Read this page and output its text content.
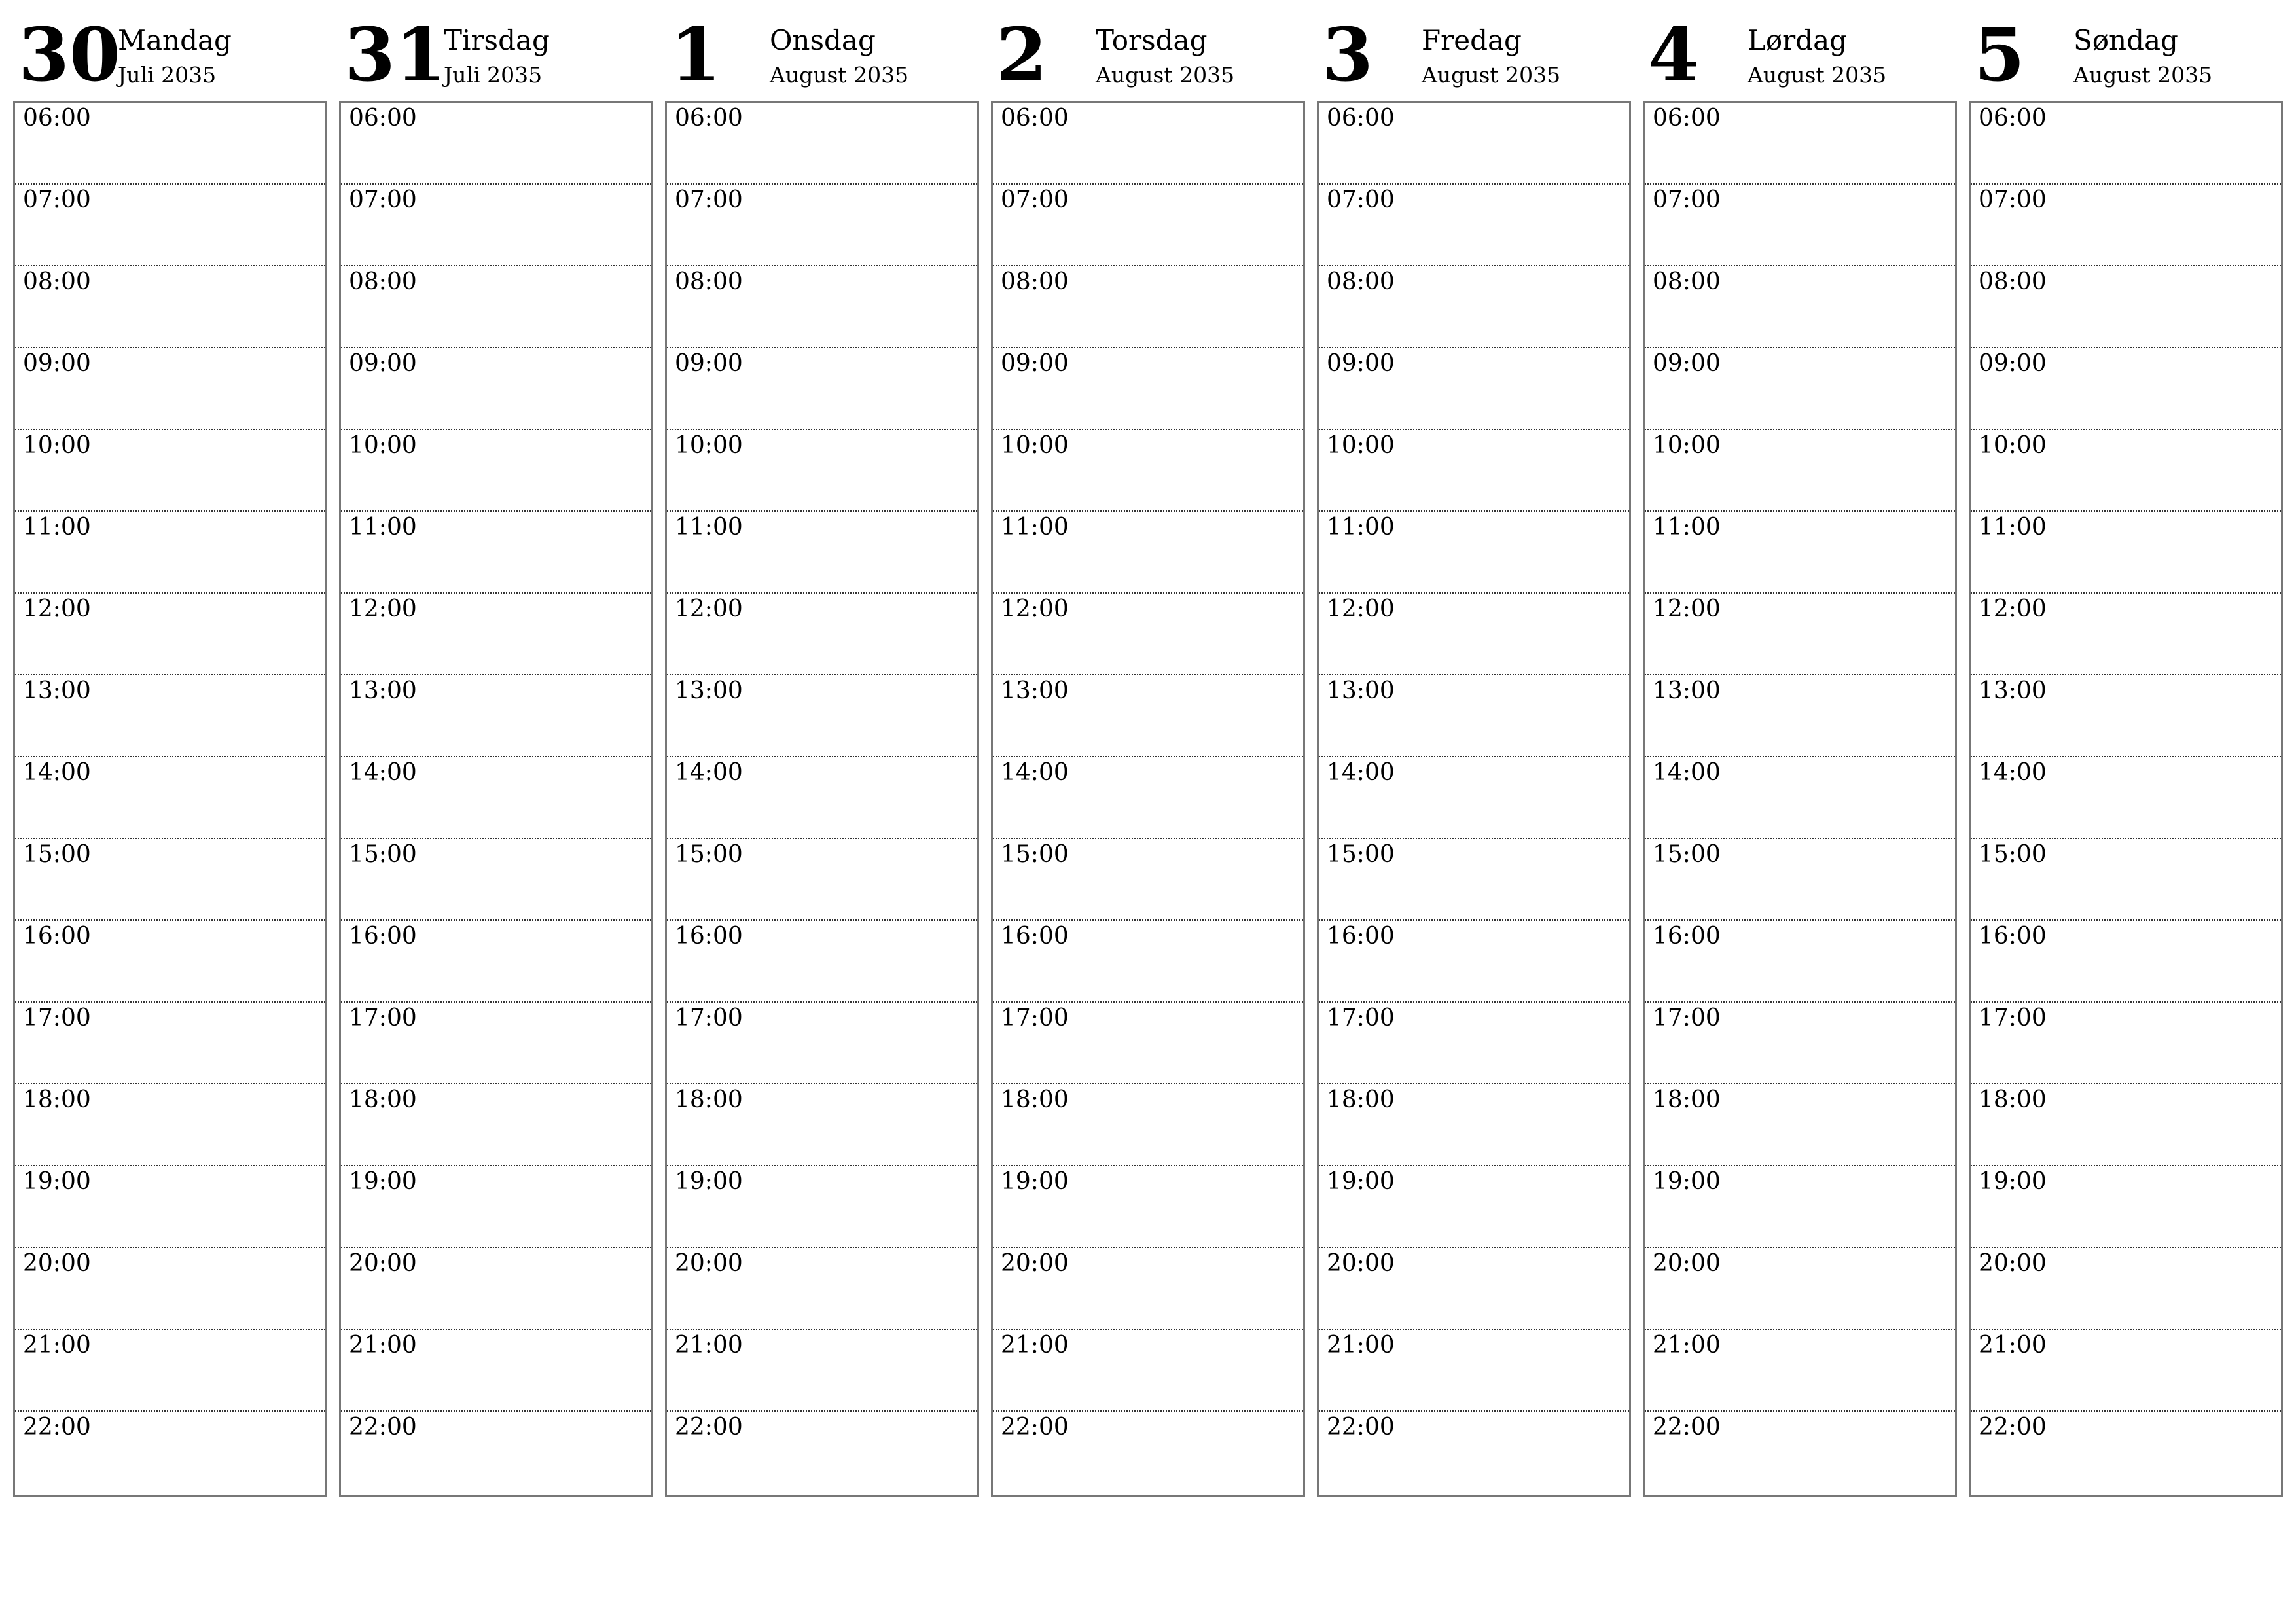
30
Mandag
Juli 2035
06:00
07:00
08:00
09:00
10:00
11:00
12:00
13:00
14:00
15:00
16:00
17:00
18:00
19:00
20:00
21:00
22:00
31
Tirsdag
Juli 2035
06:00
07:00
08:00
09:00
10:00
11:00
12:00
13:00
14:00
15:00
16:00
17:00
18:00
19:00
20:00
21:00
22:00
1 Onsdag
August 2035
06:00
07:00
08:00
09:00
10:00
11:00
12:00
13:00
14:00
15:00
16:00
17:00
18:00
19:00
20:00
21:00
22:00
2 Torsdag
August 2035
06:00
07:00
08:00
09:00
10:00
11:00
12:00
13:00
14:00
15:00
16:00
17:00
18:00
19:00
20:00
21:00
22:00
3 Fredag
August 2035
06:00
07:00
08:00
09:00
10:00
11:00
12:00
13:00
14:00
15:00
16:00
17:00
18:00
19:00
20:00
21:00
22:00
4 Lørdag
August 2035
06:00
07:00
08:00
09:00
10:00
11:00
12:00
13:00
14:00
15:00
16:00
17:00
18:00
19:00
20:00
21:00
22:00
5 Søndag
August 2035
06:00
07:00
08:00
09:00
10:00
11:00
12:00
13:00
14:00
15:00
16:00
17:00
18:00
19:00
20:00
21:00
22:00
